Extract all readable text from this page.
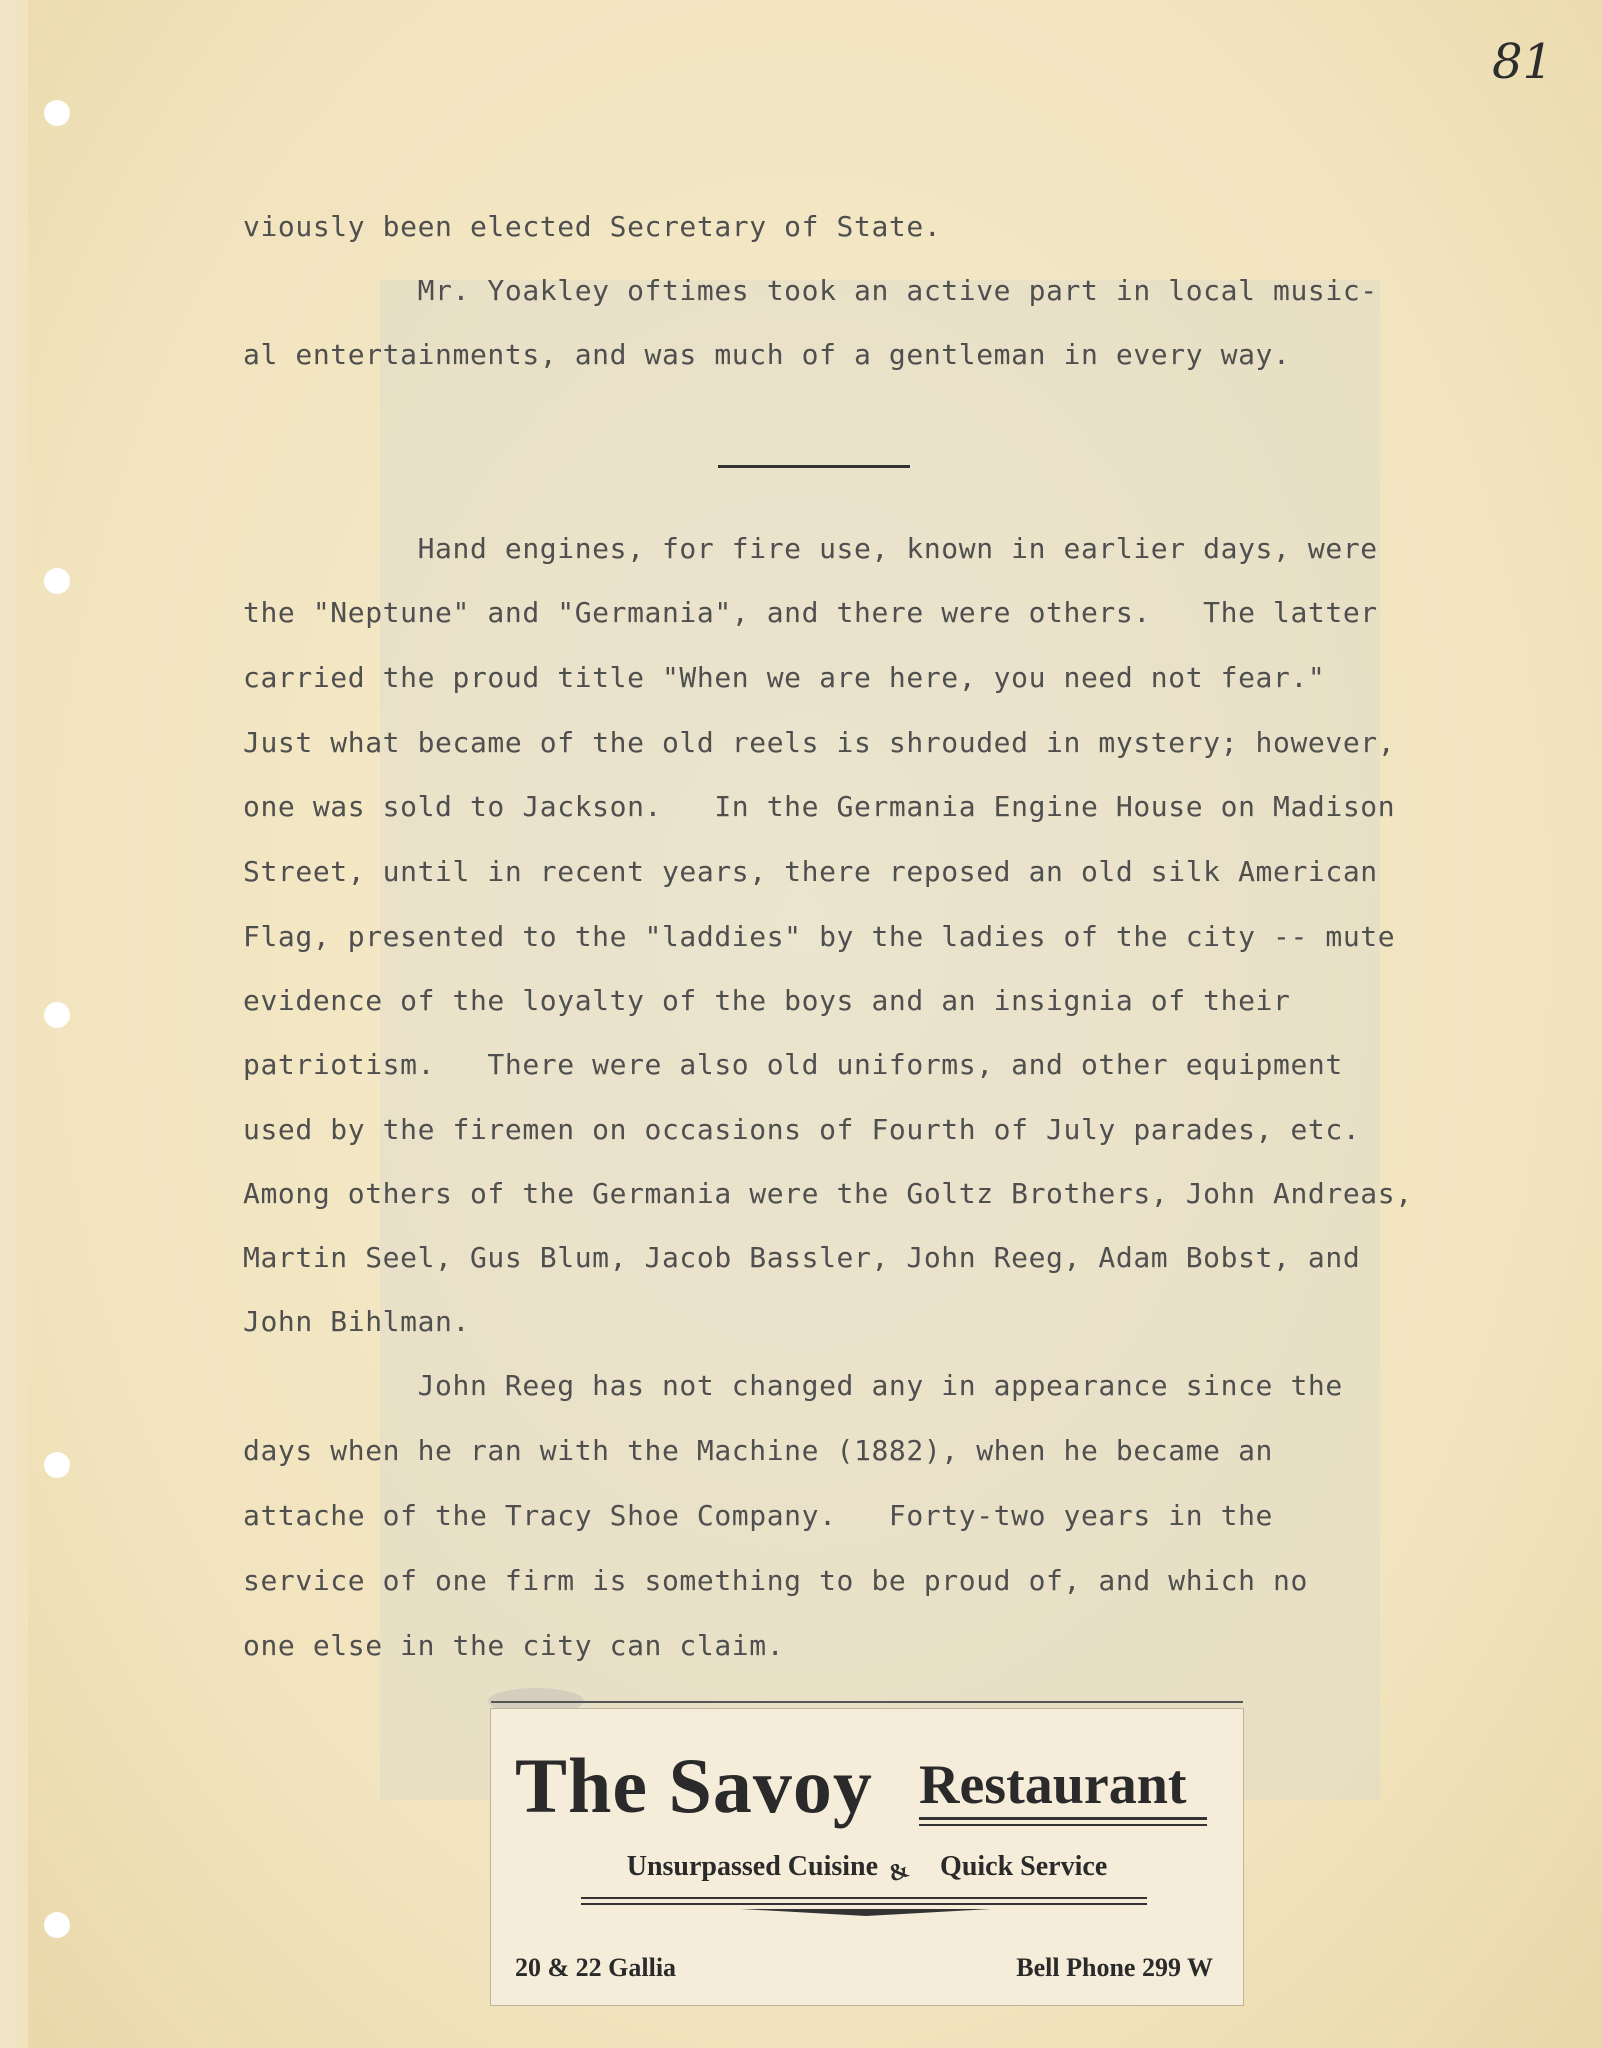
81
viously been elected Secretary of State.
Mr. Yoakley oftimes took an active part in local music-
al entertainments, and was much of a gentleman in every way.
Hand engines, for fire use, known in earlier days, were
the "Neptune" and "Germania", and there were others.   The latter
carried the proud title "When we are here, you need not fear."
Just what became of the old reels is shrouded in mystery; however,
one was sold to Jackson.   In the Germania Engine House on Madison
Street, until in recent years, there reposed an old silk American
Flag, presented to the "laddies" by the ladies of the city -- mute
evidence of the loyalty of the boys and an insignia of their
patriotism.   There were also old uniforms, and other equipment
used by the firemen on occasions of Fourth of July parades, etc.
Among others of the Germania were the Goltz Brothers, John Andreas,
Martin Seel, Gus Blum, Jacob Bassler, John Reeg, Adam Bobst, and
John Bihlman.
John Reeg has not changed any in appearance since the
days when he ran with the Machine (1882), when he became an
attache of the Tracy Shoe Company.   Forty-two years in the
service of one firm is something to be proud of, and which no
one else in the city can claim.
The Savoy Restaurant
Unsurpassed Cuisine Quick Service
&
20 & 22 Gallia	Bell Phone 299 W
